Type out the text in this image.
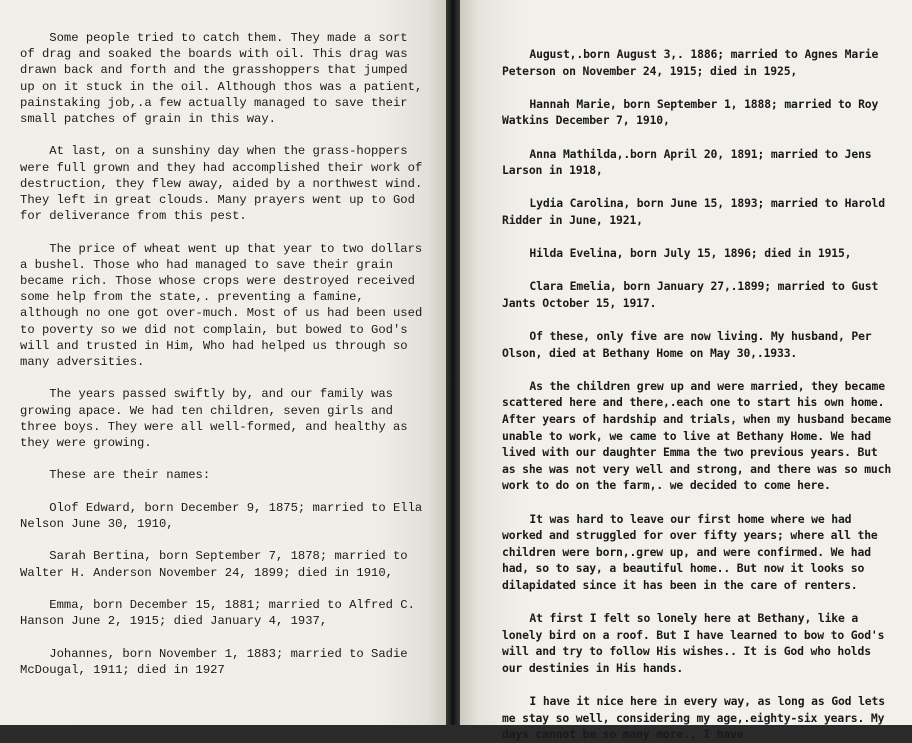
Some people tried to catch them. They made a sort of drag and soaked the boards with oil. This drag was drawn back and forth and the grasshoppers that jumped up on it stuck in the oil. Although thos was a patient, painstaking job,.a few actually managed to save their small patches of grain in this way.

At last, on a sunshiny day when the grass-hoppers were full grown and they had accomplished their work of destruction, they flew away, aided by a northwest wind. They left in great clouds. Many prayers went up to God for deliverance from this pest.

The price of wheat went up that year to two dollars a bushel. Those who had managed to save their grain became rich. Those whose crops were destroyed received some help from the state,. preventing a famine, although no one got over-much. Most of us had been used to poverty so we did not complain, but bowed to God's will and trusted in Him, Who had helped us through so many adversities.

The years passed swiftly by, and our family was growing apace. We had ten children, seven girls and three boys. They were all well-formed, and healthy as they were growing.

These are their names:

Olof Edward, born December 9, 1875; married to Ella Nelson June 30, 1910,

Sarah Bertina, born September 7, 1878; married to Walter H. Anderson November 24, 1899; died in 1910,

Emma, born December 15, 1881; married to Alfred C. Hanson June 2, 1915; died January 4, 1937,

Johannes, born November 1, 1883; married to Sadie McDougal, 1911; died in 1927

August,.born August 3,. 1886; married to Agnes Marie Peterson on November 24, 1915; died in 1925,

Hannah Marie, born September 1, 1888; married to Roy Watkins December 7, 1910,

Anna Mathilda,.born April 20, 1891; married to Jens Larson in 1918,

Lydia Carolina, born June 15, 1893; married to Harold Ridder in June, 1921,

Hilda Evelina, born July 15, 1896; died in 1915,

Clara Emelia, born January 27,.1899; married to Gust Jants October 15, 1917.

Of these, only five are now living. My husband, Per Olson, died at Bethany Home on May 30,.1933.

As the children grew up and were married, they became scattered here and there,.each one to start his own home. After years of hardship and trials, when my husband became unable to work, we came to live at Bethany Home. We had lived with our daughter Emma the two previous years. But as she was not very well and strong, and there was so much work to do on the farm,. we decided to come here.

It was hard to leave our first home where we had worked and struggled for over fifty years; where all the children were born,.grew up, and were confirmed. We had had, so to say, a beautiful home.. But now it looks so dilapidated since it has been in the care of renters.

At first I felt so lonely here at Bethany, like a lonely bird on a roof. But I have learned to bow to God's will and try to follow His wishes.. It is God who holds our destinies in His hands.

I have it nice here in every way, as long as God lets me stay so well, considering my age,.eighty-six years. My days cannot be so many more.. I have
